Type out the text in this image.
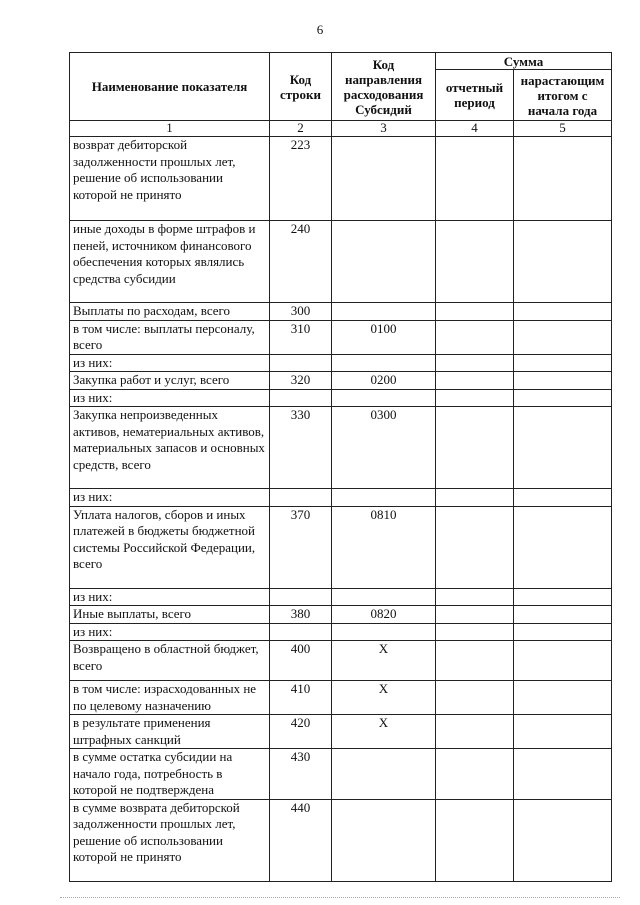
6
Наименование показателя	Код строки	Код направления расходования Субсидий	Сумма	
			отчетный период	нарастающим итогом с начала года
1	2	3	4	5
возврат дебиторской задолженности прошлых лет, решение об использовании которой не принято	223			
иные доходы в форме штрафов и пеней, источником финансового обеспечения которых являлись средства субсидии	240			
Выплаты по расходам, всего	300			
в том числе: выплаты персоналу, всего	310	0100		
из них:				
Закупка работ и услуг, всего	320	0200		
из них:				
Закупка непроизведенных активов, нематериальных активов, материальных запасов и основных средств, всего	330	0300		
из них:				
Уплата налогов, сборов и иных платежей в бюджеты бюджетной системы Российской Федерации, всего	370	0810		
из них:				
Иные выплаты, всего	380	0820		
из них:				
Возвращено в областной бюджет, всего	400	X		
в том числе: израсходованных не по целевому назначению	410	X		
в результате применения штрафных санкций	420	X		
в сумме остатка субсидии на начало года, потребность в которой не подтверждена	430			
в сумме возврата дебиторской задолженности прошлых лет, решение об использовании которой не принято	440			
